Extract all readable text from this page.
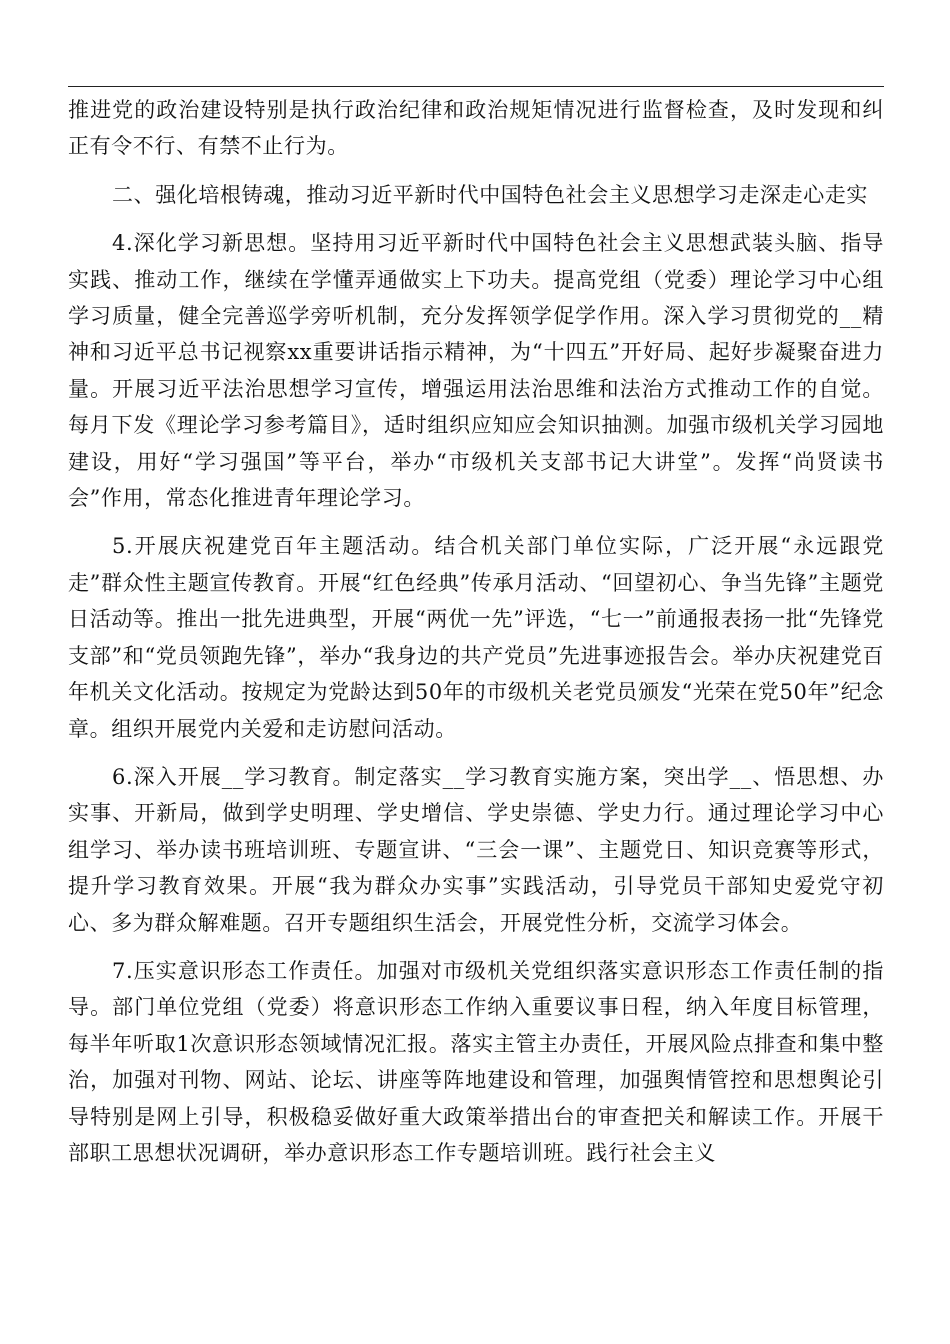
推进党的政治建设特别是执行政治纪律和政治规矩情况进行监督检查，及时发现和纠正有令不行、有禁不止行为。

二、强化培根铸魂，推动习近平新时代中国特色社会主义思想学习走深走心走实

4.深化学习新思想。坚持用习近平新时代中国特色社会主义思想武装头脑、指导实践、推动工作，继续在学懂弄通做实上下功夫。提高党组（党委）理论学习中心组学习质量，健全完善巡学旁听机制，充分发挥领学促学作用。深入学习贯彻党的__精神和习近平总书记视察xx重要讲话指示精神，为“十四五”开好局、起好步凝聚奋进力量。开展习近平法治思想学习宣传，增强运用法治思维和法治方式推动工作的自觉。每月下发《理论学习参考篇目》，适时组织应知应会知识抽测。加强市级机关学习园地建设，用好“学习强国”等平台，举办“市级机关支部书记大讲堂”。发挥“尚贤读书会”作用，常态化推进青年理论学习。

5.开展庆祝建党百年主题活动。结合机关部门单位实际，广泛开展“永远跟党走”群众性主题宣传教育。开展“红色经典”传承月活动、“回望初心、争当先锋”主题党日活动等。推出一批先进典型，开展“两优一先”评选，“七一”前通报表扬一批“先锋党支部”和“党员领跑先锋”，举办“我身边的共产党员”先进事迹报告会。举办庆祝建党百年机关文化活动。按规定为党龄达到50年的市级机关老党员颁发“光荣在党50年”纪念章。组织开展党内关爱和走访慰问活动。

6.深入开展__学习教育。制定落实__学习教育实施方案，突出学__、悟思想、办实事、开新局，做到学史明理、学史增信、学史崇德、学史力行。通过理论学习中心组学习、举办读书班培训班、专题宣讲、“三会一课”、主题党日、知识竞赛等形式，提升学习教育效果。开展“我为群众办实事”实践活动，引导党员干部知史爱党守初心、多为群众解难题。召开专题组织生活会，开展党性分析，交流学习体会。

7.压实意识形态工作责任。加强对市级机关党组织落实意识形态工作责任制的指导。部门单位党组（党委）将意识形态工作纳入重要议事日程，纳入年度目标管理，每半年听取1次意识形态领域情况汇报。落实主管主办责任，开展风险点排查和集中整治，加强对刊物、网站、论坛、讲座等阵地建设和管理，加强舆情管控和思想舆论引导特别是网上引导，积极稳妥做好重大政策举措出台的审查把关和解读工作。开展干部职工思想状况调研，举办意识形态工作专题培训班。践行社会主义
